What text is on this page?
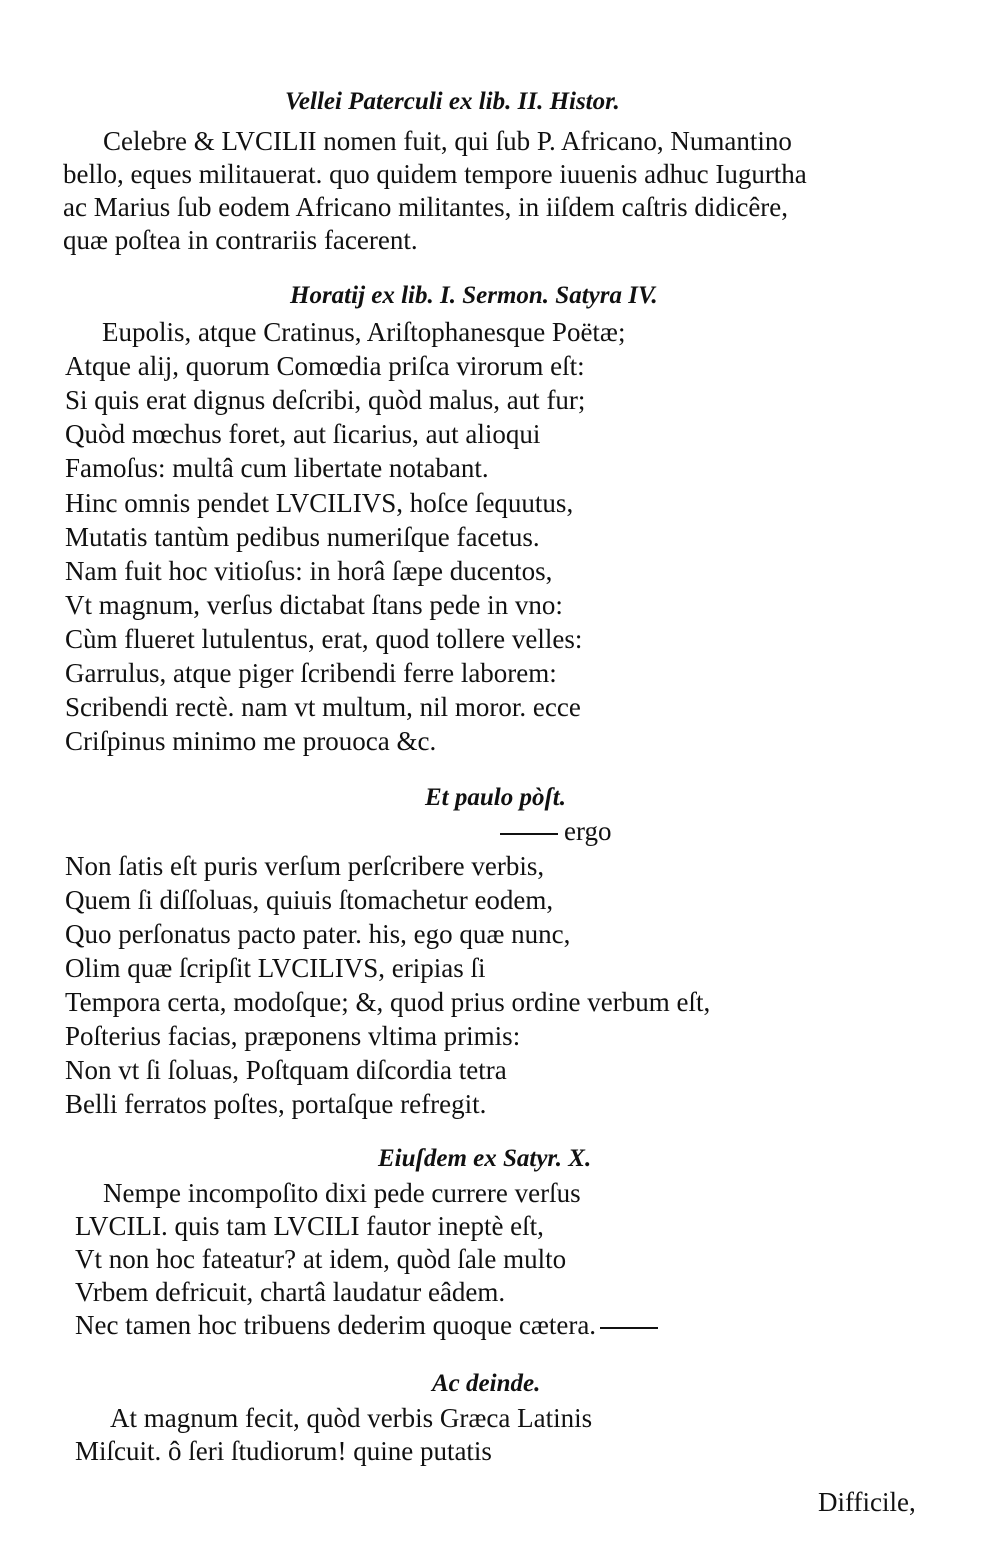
Vellei Paterculi ex lib. II. Histor.
Celebre & LVCILII nomen fuit, qui ſub P. Africano, Numantino
bello, eques militauerat. quo quidem tempore iuuenis adhuc Iugurtha
ac Marius ſub eodem Africano militantes, in iiſdem caſtris didicêre,
quæ poſtea in contrariis facerent.
Horatij ex lib. I. Sermon. Satyra IV.
Eupolis, atque Cratinus, Ariſtophanesque Poëtæ;
Atque alij, quorum Comœdia priſca virorum eſt:
Si quis erat dignus deſcribi, quòd malus, aut fur;
Quòd mœchus foret, aut ſicarius, aut alioqui
Famoſus: multâ cum libertate notabant.
Hinc omnis pendet LVCILIVS, hoſce ſequutus,
Mutatis tantùm pedibus numeriſque facetus.
Nam fuit hoc vitioſus: in horâ ſæpe ducentos,
Vt magnum, verſus dictabat ſtans pede in vno:
Cùm flueret lutulentus, erat, quod tollere velles:
Garrulus, atque piger ſcribendi ferre laborem:
Scribendi rectè. nam vt multum, nil moror. ecce
Criſpinus minimo me prouoca &c.
Et paulo pòſt.
ergo
Non ſatis eſt puris verſum perſcribere verbis,
Quem ſi diſſoluas, quiuis ſtomachetur eodem,
Quo perſonatus pacto pater. his, ego quæ nunc,
Olim quæ ſcripſit LVCILIVS, eripias ſi
Tempora certa, modoſque; &, quod prius ordine verbum eſt,
Poſterius facias, præponens vltima primis:
Non vt ſi ſoluas, Poſtquam diſcordia tetra
Belli ferratos poſtes, portaſque refregit.
Eiuſdem ex Satyr. X.
Nempe incompoſito dixi pede currere verſus
LVCILI. quis tam LVCILI fautor ineptè eſt,
Vt non hoc fateatur? at idem, quòd ſale multo
Vrbem defricuit, chartâ laudatur eâdem.
Nec tamen hoc tribuens dederim quoque cætera.
Ac deinde.
At magnum fecit, quòd verbis Græca Latinis
Miſcuit. ô ſeri ſtudiorum! quine putatis
Difficile,
